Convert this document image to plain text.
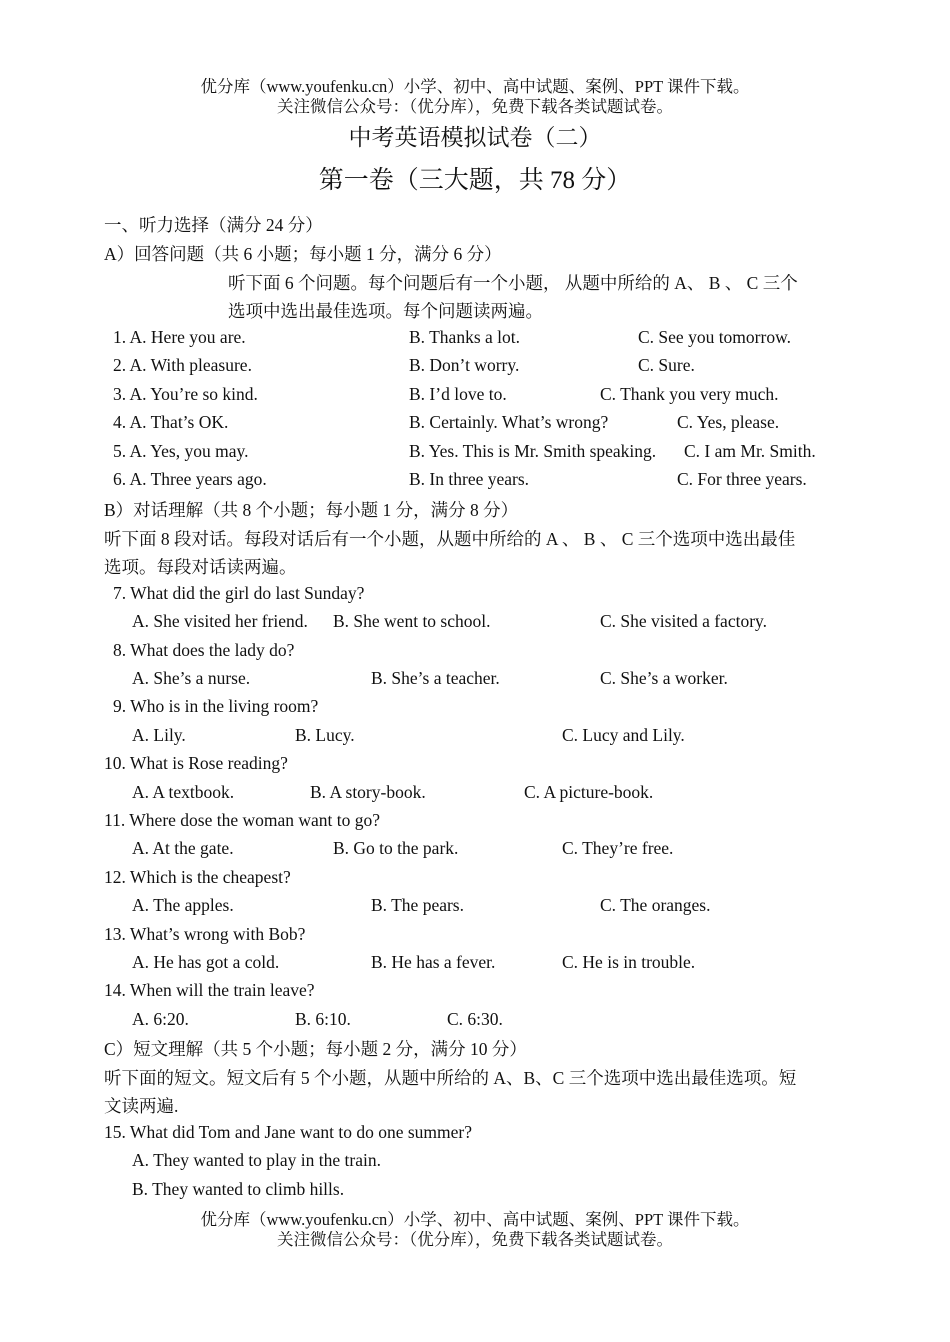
优分库（www.youfenku.cn）小学、初中、高中试题、案例、PPT 课件下载。
关注微信公众号：（优分库），免费下载各类试题试卷。
中考英语模拟试卷（二）
第一卷（三大题，共 78 分）
一、听力选择（满分 24 分）
A）回答问题（共 6 小题；每小题 1 分，满分 6 分）
听下面 6 个问题。每个问题后有一个小题， 从题中所给的 A、 B 、 C 三个
选项中选出最佳选项。每个问题读两遍。
1. A. Here you are.	B. Thanks a lot.	C. See you tomorrow.
2. A. With pleasure.	B. Don’t worry.	C. Sure.
3. A. You’re so kind.	B. I’d love to.	C. Thank you very much.
4. A. That’s OK.	B. Certainly. What’s wrong?	C. Yes, please.
5. A. Yes, you may.	B. Yes. This is Mr. Smith speaking. C. I am Mr. Smith.
6. A. Three years ago.	B. In three years.	C. For three years.
B）对话理解（共 8 个小题；每小题 1 分，满分 8 分）
听下面 8 段对话。每段对话后有一个小题，从题中所给的 A 、 B 、 C 三个选项中选出最佳
选项。每段对话读两遍。
7. What did the girl do last Sunday?
A. She visited her friend. B. She went to school.	C. She visited a factory.
8. What does the lady do?
A. She’s a nurse.	B. She’s a teacher.	C. She’s a worker.
9. Who is in the living room?
A. Lily.	B. Lucy.	C. Lucy and Lily.
10. What is Rose reading?
A. A textbook.	B. A story-book.	C. A picture-book.
11. Where dose the woman want to go?
A. At the gate.	B. Go to the park.	C. They’re free.
12. Which is the cheapest?
A. The apples.	B. The pears.	C. The oranges.
13. What’s wrong with Bob?
A. He has got a cold.	B. He has a fever.	C. He is in trouble.
14. When will the train leave?
A. 6:20.	B. 6:10.	C. 6:30.
C）短文理解（共 5 个小题；每小题 2 分，满分 10 分）
听下面的短文。短文后有 5 个小题，从题中所给的 A、B、C 三个选项中选出最佳选项。短
文读两遍.
15. What did Tom and Jane want to do one summer?
A. They wanted to play in the train.
B. They wanted to climb hills.
优分库（www.youfenku.cn）小学、初中、高中试题、案例、PPT 课件下载。
关注微信公众号：（优分库），免费下载各类试题试卷。
